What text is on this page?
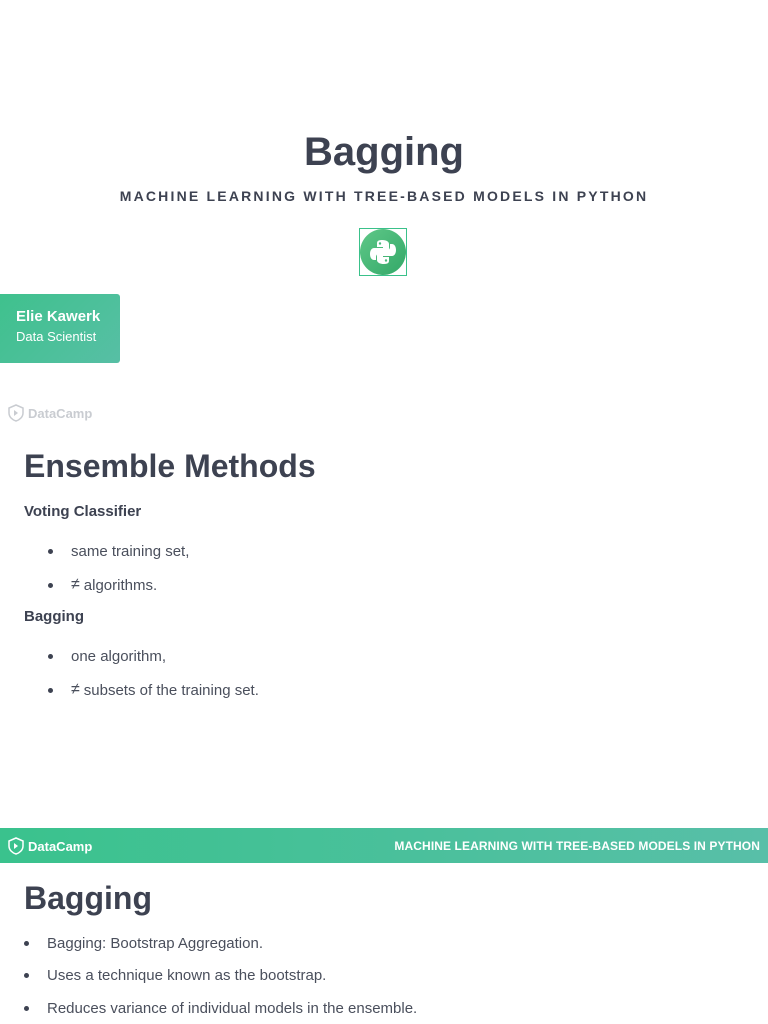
Bagging
MACHINE LEARNING WITH TREE-BASED MODELS IN PYTHON
Elie Kawerk
Data Scientist
DataCamp
Ensemble Methods
Voting Classifier
same training set,
≠ algorithms.
Bagging
one algorithm,
≠ subsets of the training set.
DataCamp	MACHINE LEARNING WITH TREE-BASED MODELS IN PYTHON
Bagging
Bagging: Bootstrap Aggregation.
Uses a technique known as the bootstrap.
Reduces variance of individual models in the ensemble.
